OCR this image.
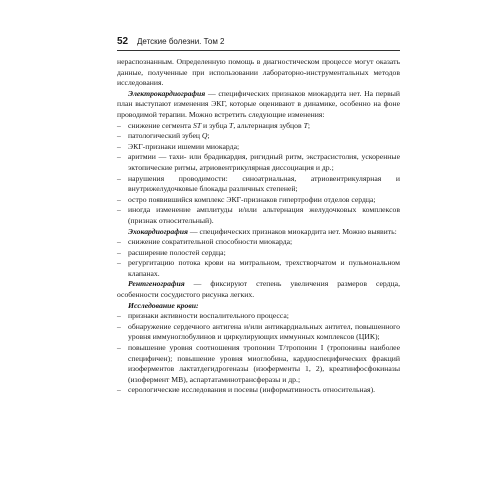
52 Детские болезни. Том 2

нераспознанным. Определенную помощь в диагностическом процессе могут оказать данные, полученные при использовании лабораторно-инструментальных методов исследования.

Электрокардиография — специфических признаков миокардита нет. На первый план выступают изменения ЭКГ, которые оценивают в динамике, особенно на фоне проводимой терапии. Можно встретить следующие изменения:

– снижение сегмента ST и зубца T, альтернация зубцов T;
– патологический зубец Q;
– ЭКГ-признаки ишемии миокарда;
– аритмии — тахи- или брадикардия, ригидный ритм, экстрасистолия, ускоренные эктопические ритмы, атриовентрикулярная диссоциация и др.;
– нарушения проводимости: синоатриальная, атриовентрикулярная и внутрижелудочковые блокады различных степеней;
– остро появившийся комплекс ЭКГ-признаков гипертрофии отделов сердца;
– иногда изменение амплитуды и/или альтернация желудочковых комплексов (признак относительный).

Эхокардиография — специфических признаков миокардита нет. Можно выявить:

– снижение сократительной способности миокарда;
– расширение полостей сердца;
– регургитацию потока крови на митральном, трехстворчатом и пульмональном клапанах.

Рентгенография — фиксируют степень увеличения размеров сердца, особенности сосудистого рисунка легких.

Исследование крови:

– признаки активности воспалительного процесса;
– обнаружение сердечного антигена и/или антикардиальных антител, повышенного уровня иммуноглобулинов и циркулирующих иммунных комплексов (ЦИК);
– повышение уровня соотношения тропонин Т/тропонин I (тропонины наиболее специфичен); повышение уровня миоглобина, кардиоспецифических фракций изоферментов лактатдегидрогеназы (изоферменты 1, 2), креатинфосфокиназы (изофермент MB), аспартатаминотрансферазы и др.;
– серологические исследования и посевы (информативность относительная).
